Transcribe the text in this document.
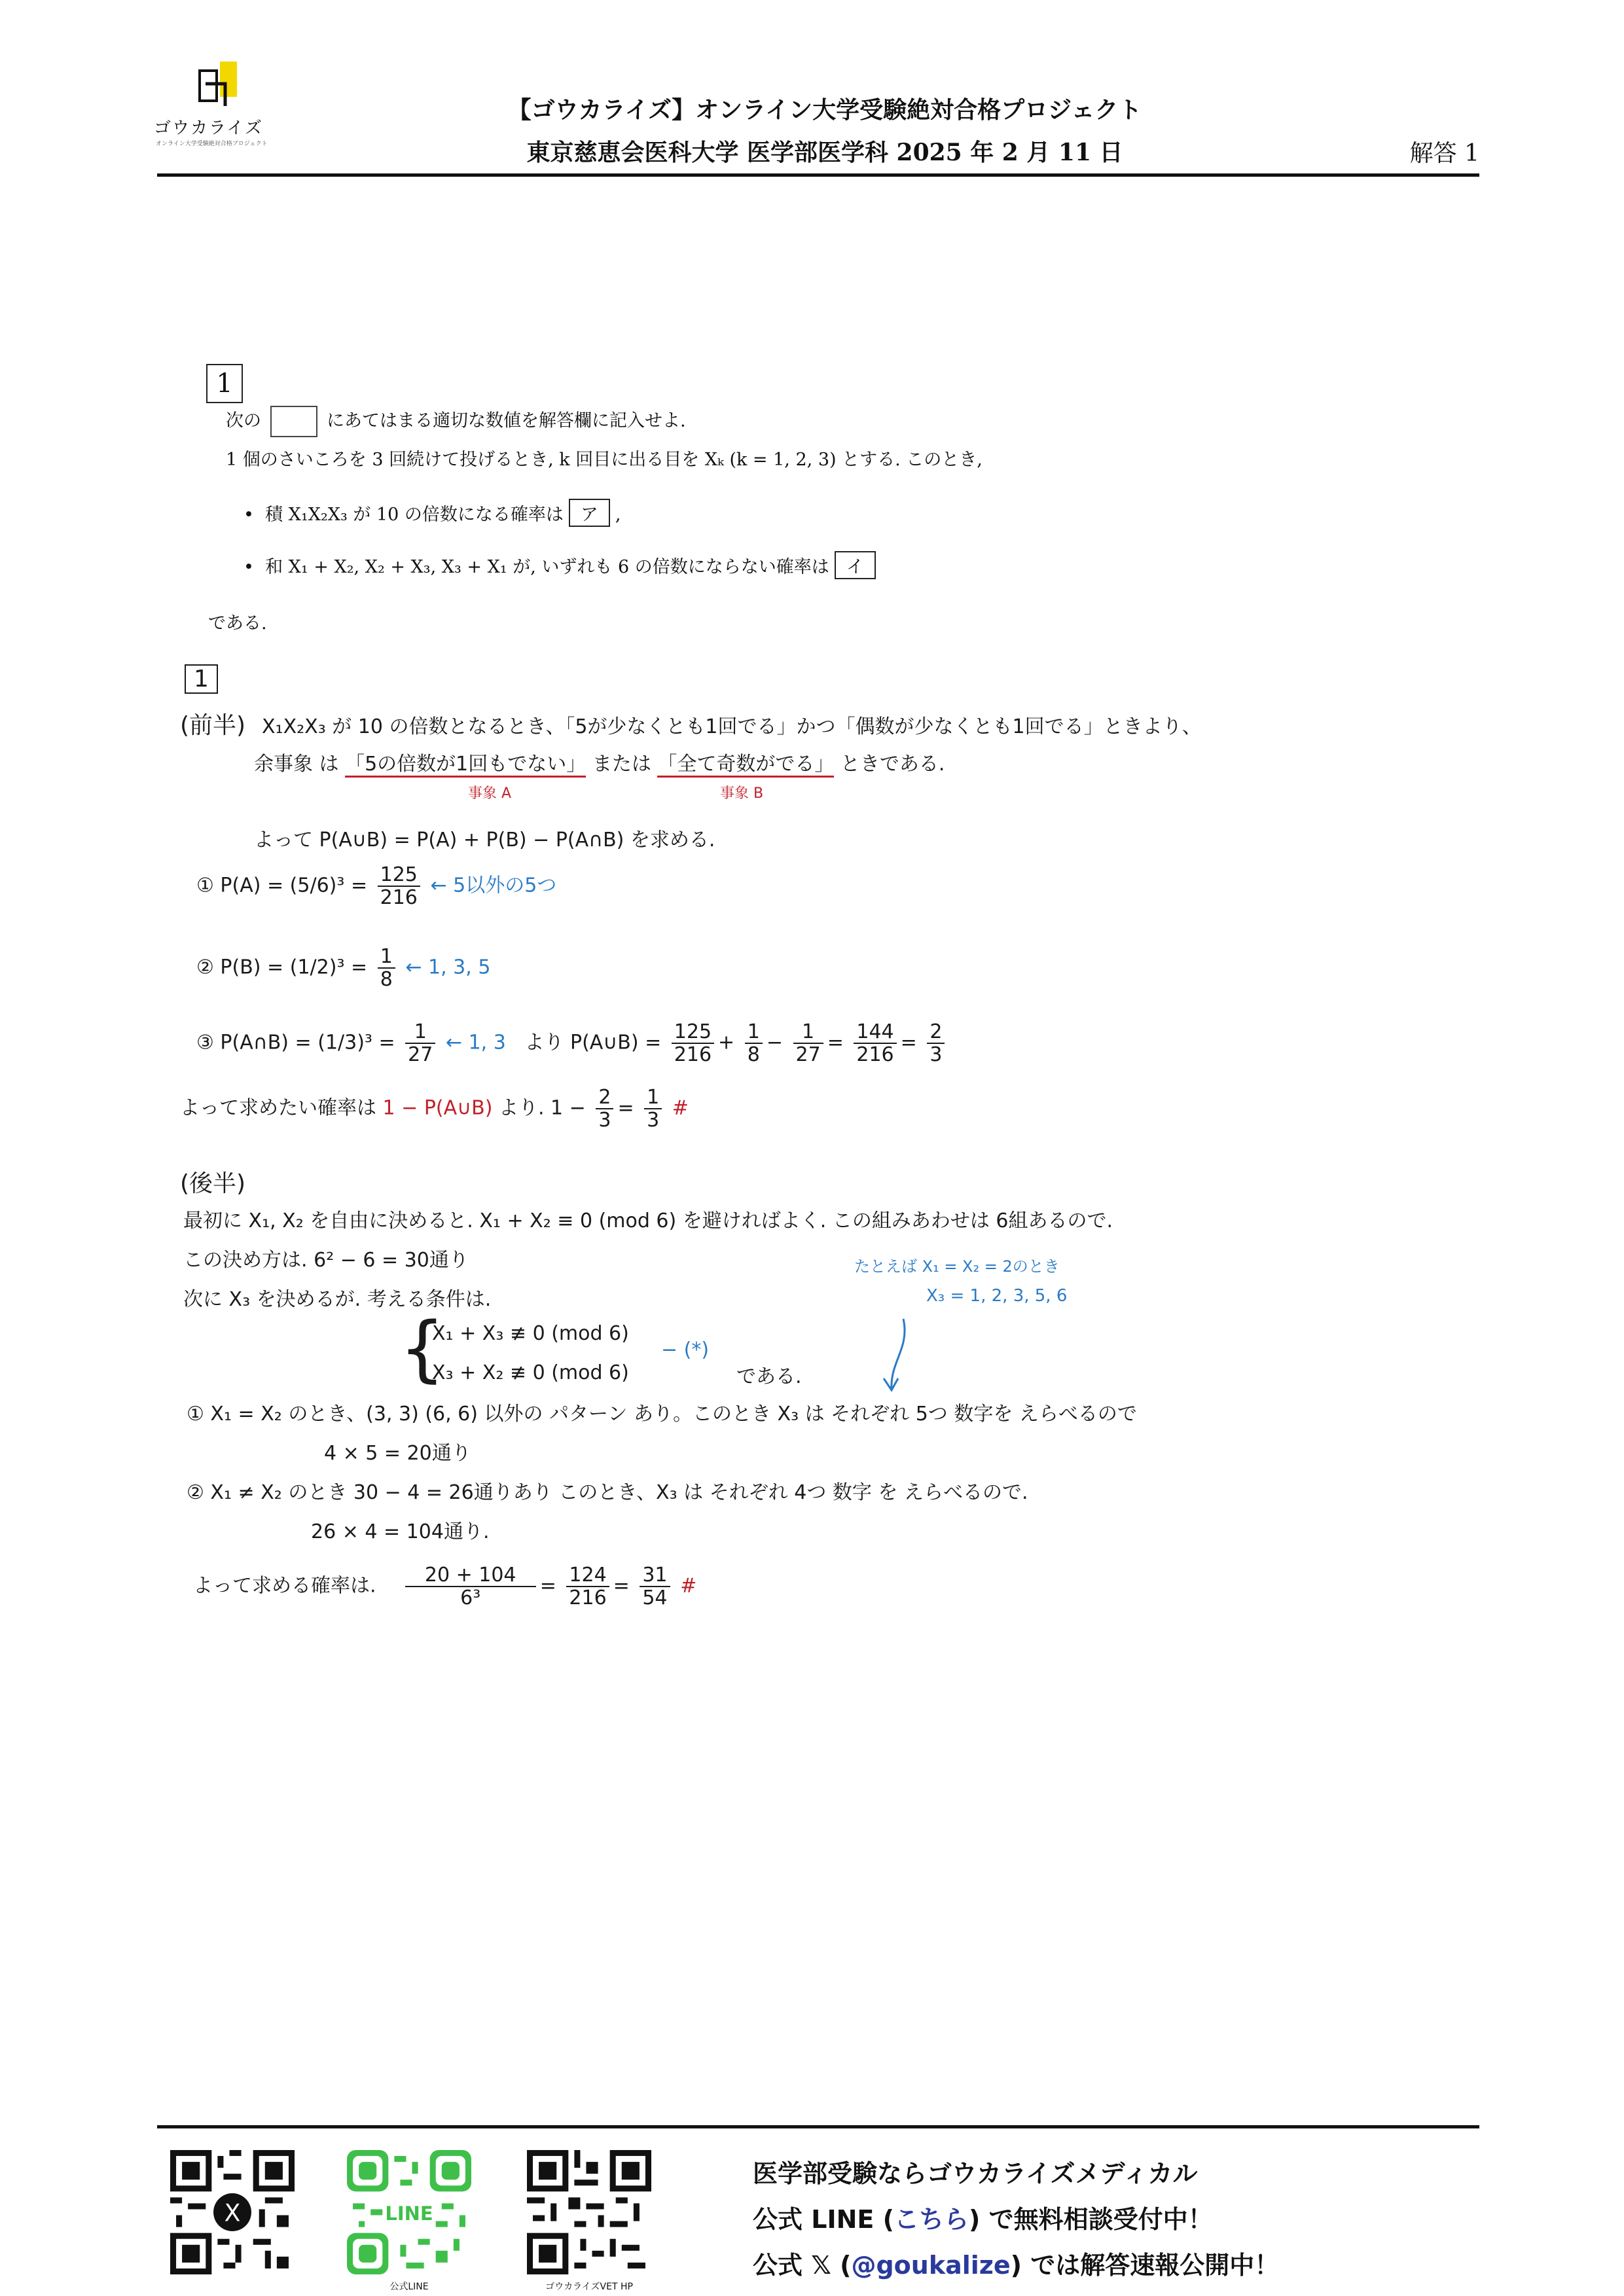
ゴウカライズ
オンライン大学受験絶対合格プロジェクト
【ゴウカライズ】オンライン大学受験絶対合格プロジェクト
東京慈恵会医科大学 医学部医学科 2025 年 2 月 11 日	解答 1
1
次の	にあてはまる適切な数値を解答欄に記入せよ.
1 個のさいころを 3 回続けて投げるとき, k 回目に出る目を Xₖ (k = 1, 2, 3) とする. このとき,
•  積 X₁X₂X₃ が 10 の倍数になる確率は ア ,
•  和 X₁ + X₂, X₂ + X₃, X₃ + X₁ が, いずれも 6 の倍数にならない確率は イ
である.
1
(前半) X₁X₂X₃ が 10 の倍数となるとき、「5が少なくとも1回でる」かつ「偶数が少なくとも1回でる」ときより、
余事象 は 「5の倍数が1回もでない」 または 「全て奇数がでる」 ときである.
事象 A	事象 B
よって P(A∪B) = P(A) + P(B) − P(A∩B) を求める.
① $P(A) = (5/6)^3 = \frac{125}{216}$ ← 5以外の5つ
② $P(B) = (1/2)^3 = \frac{1}{8}$ ← 1, 3, 5
③ P(A∩B) = $(1/3)^3 = \frac{1}{27}$ ← 1, 3 より P(A∪B) = $\frac{125}{216} + \frac{1}{8} - \frac{1}{27} = \frac{144}{216} = \frac{2}{3}$
よって求めたい確率は 1 − P(A∪B) より. $1 - \frac{2}{3} = \frac{1}{3}$ #
(後半)
最初に X₁, X₂ を自由に決めると. X₁ + X₂ ≡ 0 (mod 6) を避ければよく. この組みあわせは 6組あるので.
この決め方は. 6² − 6 = 30通り
次に X₃ を決めるが. 考える条件は.
たとえば X₁ = X₂ = 2のとき
X₃ = 1, 2, 3, 5, 6
{
X₁ + X₃ ≢ 0 (mod 6)
X₃ + X₂ ≢ 0 (mod 6)
− (*)
である.
① X₁ = X₂ のとき、(3, 3) (6, 6) 以外の パターン あり。このとき X₃ は それぞれ 5つ 数字を えらべるので
4 × 5 = 20通り
② X₁ ≠ X₂ のとき 30 − 4 = 26通りあり このとき、X₃ は それぞれ 4つ 数字 を えらべるので.
26 × 4 = 104通り.
よって求める確率は. $\frac{20 + 104}{\text{6³}} = \frac{124}{216} = \frac{31}{54}$ #
X	LINE
公式LINE	ゴウカライズVET HP
医学部受験ならゴウカライズメディカル
公式 LINE (こちら) で無料相談受付中！
公式 𝕏 (@goukalize) では解答速報公開中！
